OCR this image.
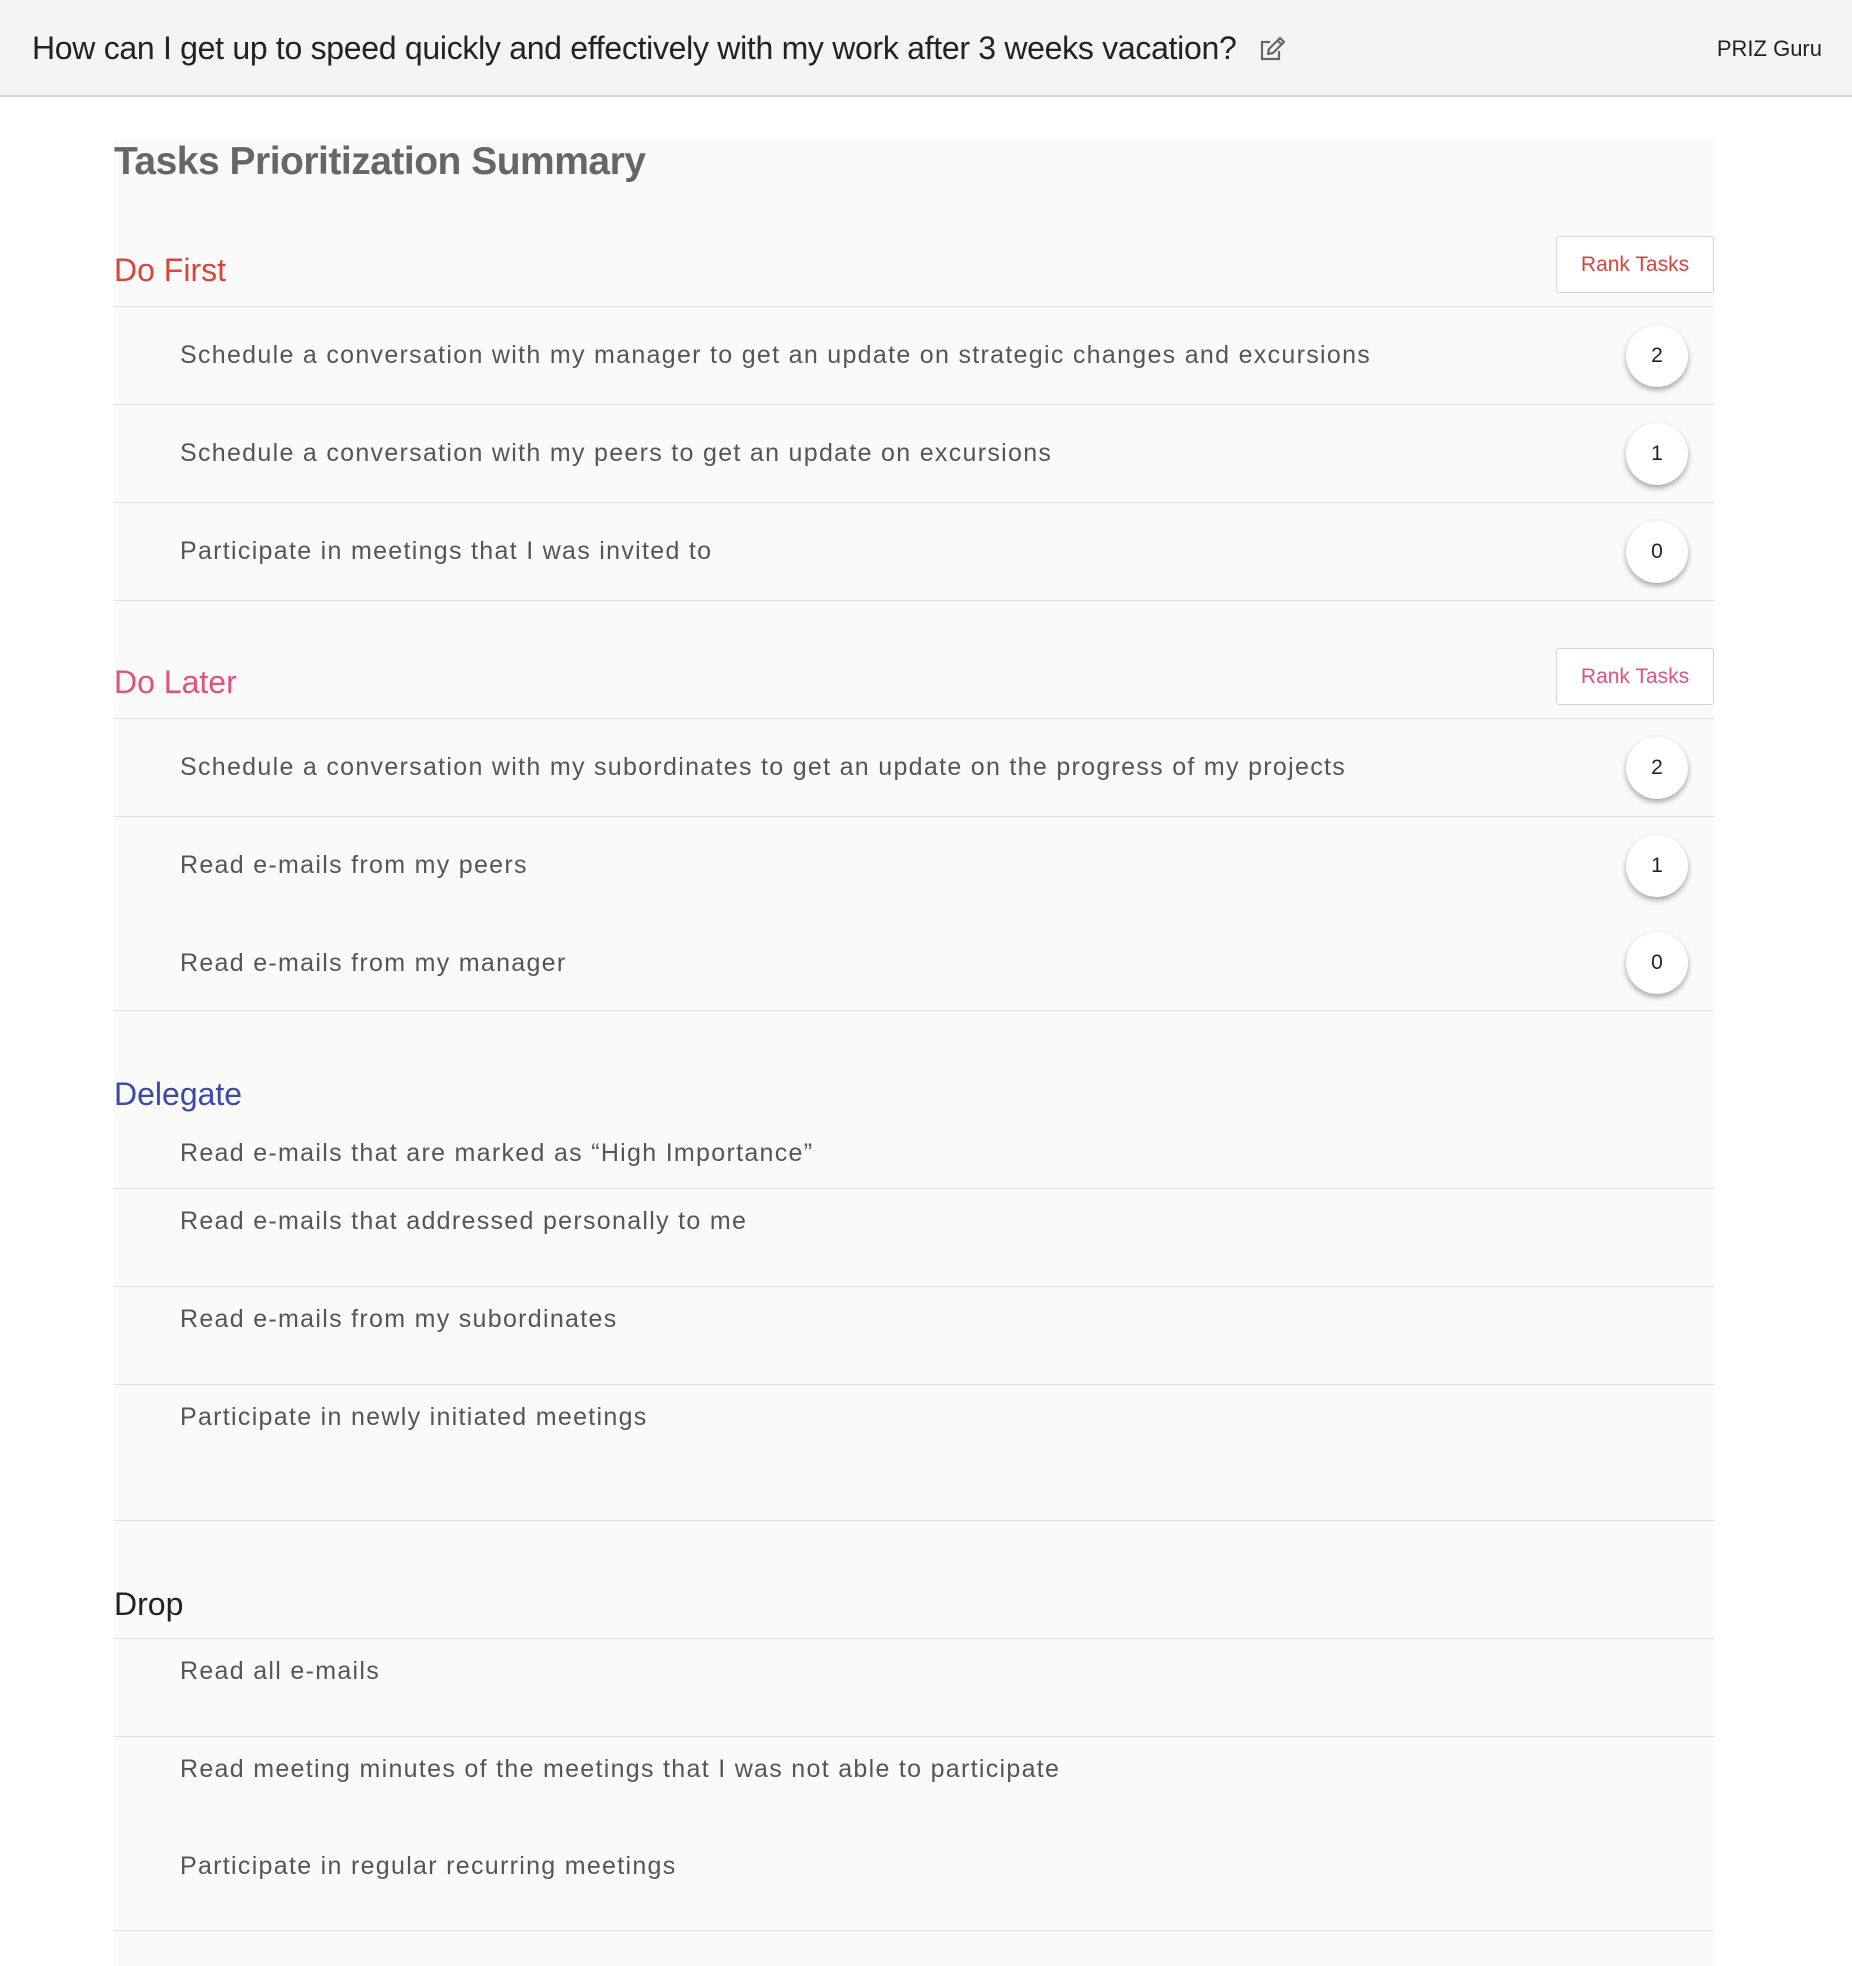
How can I get up to speed quickly and effectively with my work after 3 weeks vacation?	PRIZ Guru
Tasks Prioritization Summary
Do First	Rank Tasks
Schedule a conversation with my manager to get an update on strategic changes and excursions	2
Schedule a conversation with my peers to get an update on excursions	1
Participate in meetings that I was invited to	0
Do Later	Rank Tasks
Schedule a conversation with my subordinates to get an update on the progress of my projects	2
Read e-mails from my peers	1
Read e-mails from my manager	0
Delegate
Read e-mails that are marked as “High Importance”
Read e-mails that addressed personally to me
Read e-mails from my subordinates
Participate in newly initiated meetings
Drop
Read all e-mails
Read meeting minutes of the meetings that I was not able to participate
Participate in regular recurring meetings
